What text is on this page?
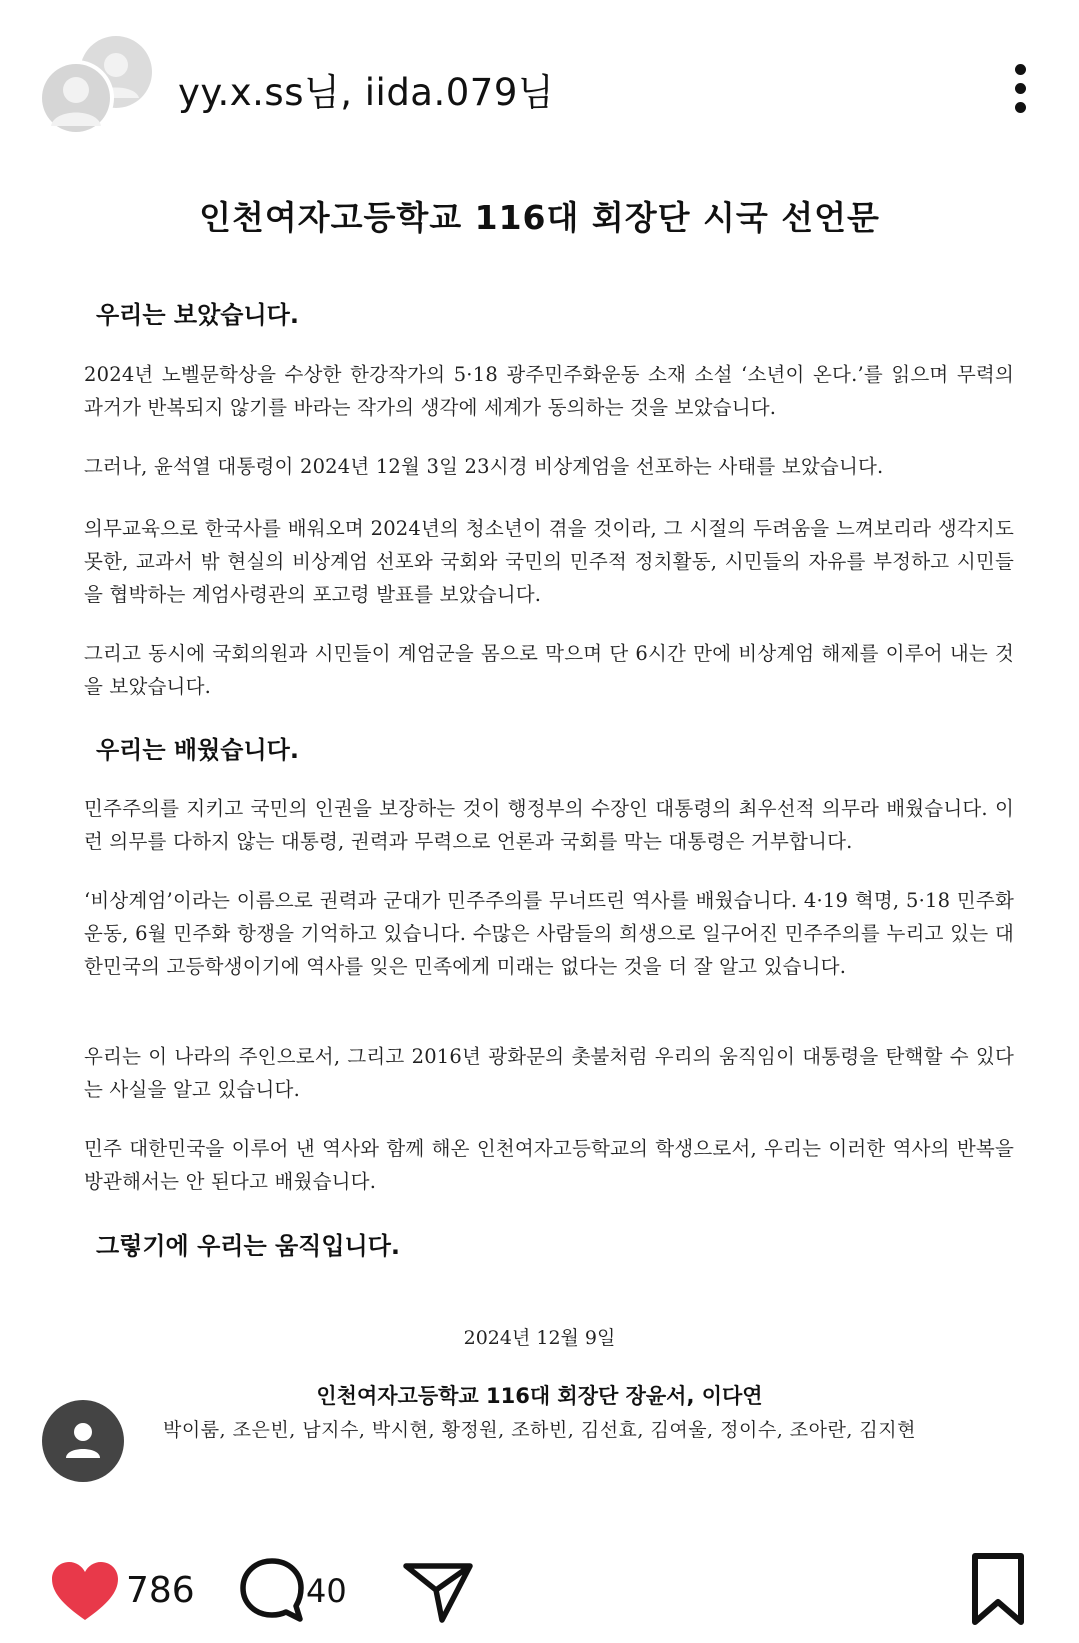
yy.x.ss님, iida.079님
인천여자고등학교 116대 회장단 시국 선언문
우리는 보았습니다.
2024년 노벨문학상을 수상한 한강작가의 5·18 광주민주화운동 소재 소설 ‘소년이 온다.’를 읽으며 무력의 과거가 반복되지 않기를 바라는 작가의 생각에 세계가 동의하는 것을 보았습니다.
그러나, 윤석열 대통령이 2024년 12월 3일 23시경 비상계엄을 선포하는 사태를 보았습니다.
의무교육으로 한국사를 배워오며 2024년의 청소년이 겪을 것이라, 그 시절의 두려움을 느껴보리라 생각지도 못한, 교과서 밖 현실의 비상계엄 선포와 국회와 국민의 민주적 정치활동, 시민들의 자유를 부정하고 시민들을 협박하는 계엄사령관의 포고령 발표를 보았습니다.
그리고 동시에 국회의원과 시민들이 계엄군을 몸으로 막으며 단 6시간 만에 비상계엄 해제를 이루어 내는 것을 보았습니다.
우리는 배웠습니다.
민주주의를 지키고 국민의 인권을 보장하는 것이 행정부의 수장인 대통령의 최우선적 의무라 배웠습니다. 이런 의무를 다하지 않는 대통령, 권력과 무력으로 언론과 국회를 막는 대통령은 거부합니다.
‘비상계엄’이라는 이름으로 권력과 군대가 민주주의를 무너뜨린 역사를 배웠습니다. 4·19 혁명, 5·18 민주화운동, 6월 민주화 항쟁을 기억하고 있습니다. 수많은 사람들의 희생으로 일구어진 민주주의를 누리고 있는 대한민국의 고등학생이기에 역사를 잊은 민족에게 미래는 없다는 것을 더 잘 알고 있습니다.
우리는 이 나라의 주인으로서, 그리고 2016년 광화문의 촛불처럼 우리의 움직임이 대통령을 탄핵할 수 있다는 사실을 알고 있습니다.
민주 대한민국을 이루어 낸 역사와 함께 해온 인천여자고등학교의 학생으로서, 우리는 이러한 역사의 반복을 방관해서는 안 된다고 배웠습니다.
그렇기에 우리는 움직입니다.
2024년 12월 9일
인천여자고등학교 116대 회장단 장윤서, 이다연
박이룸, 조은빈, 남지수, 박시현, 황정원, 조하빈, 김선효, 김여울, 정이수, 조아란, 김지현
786	40
